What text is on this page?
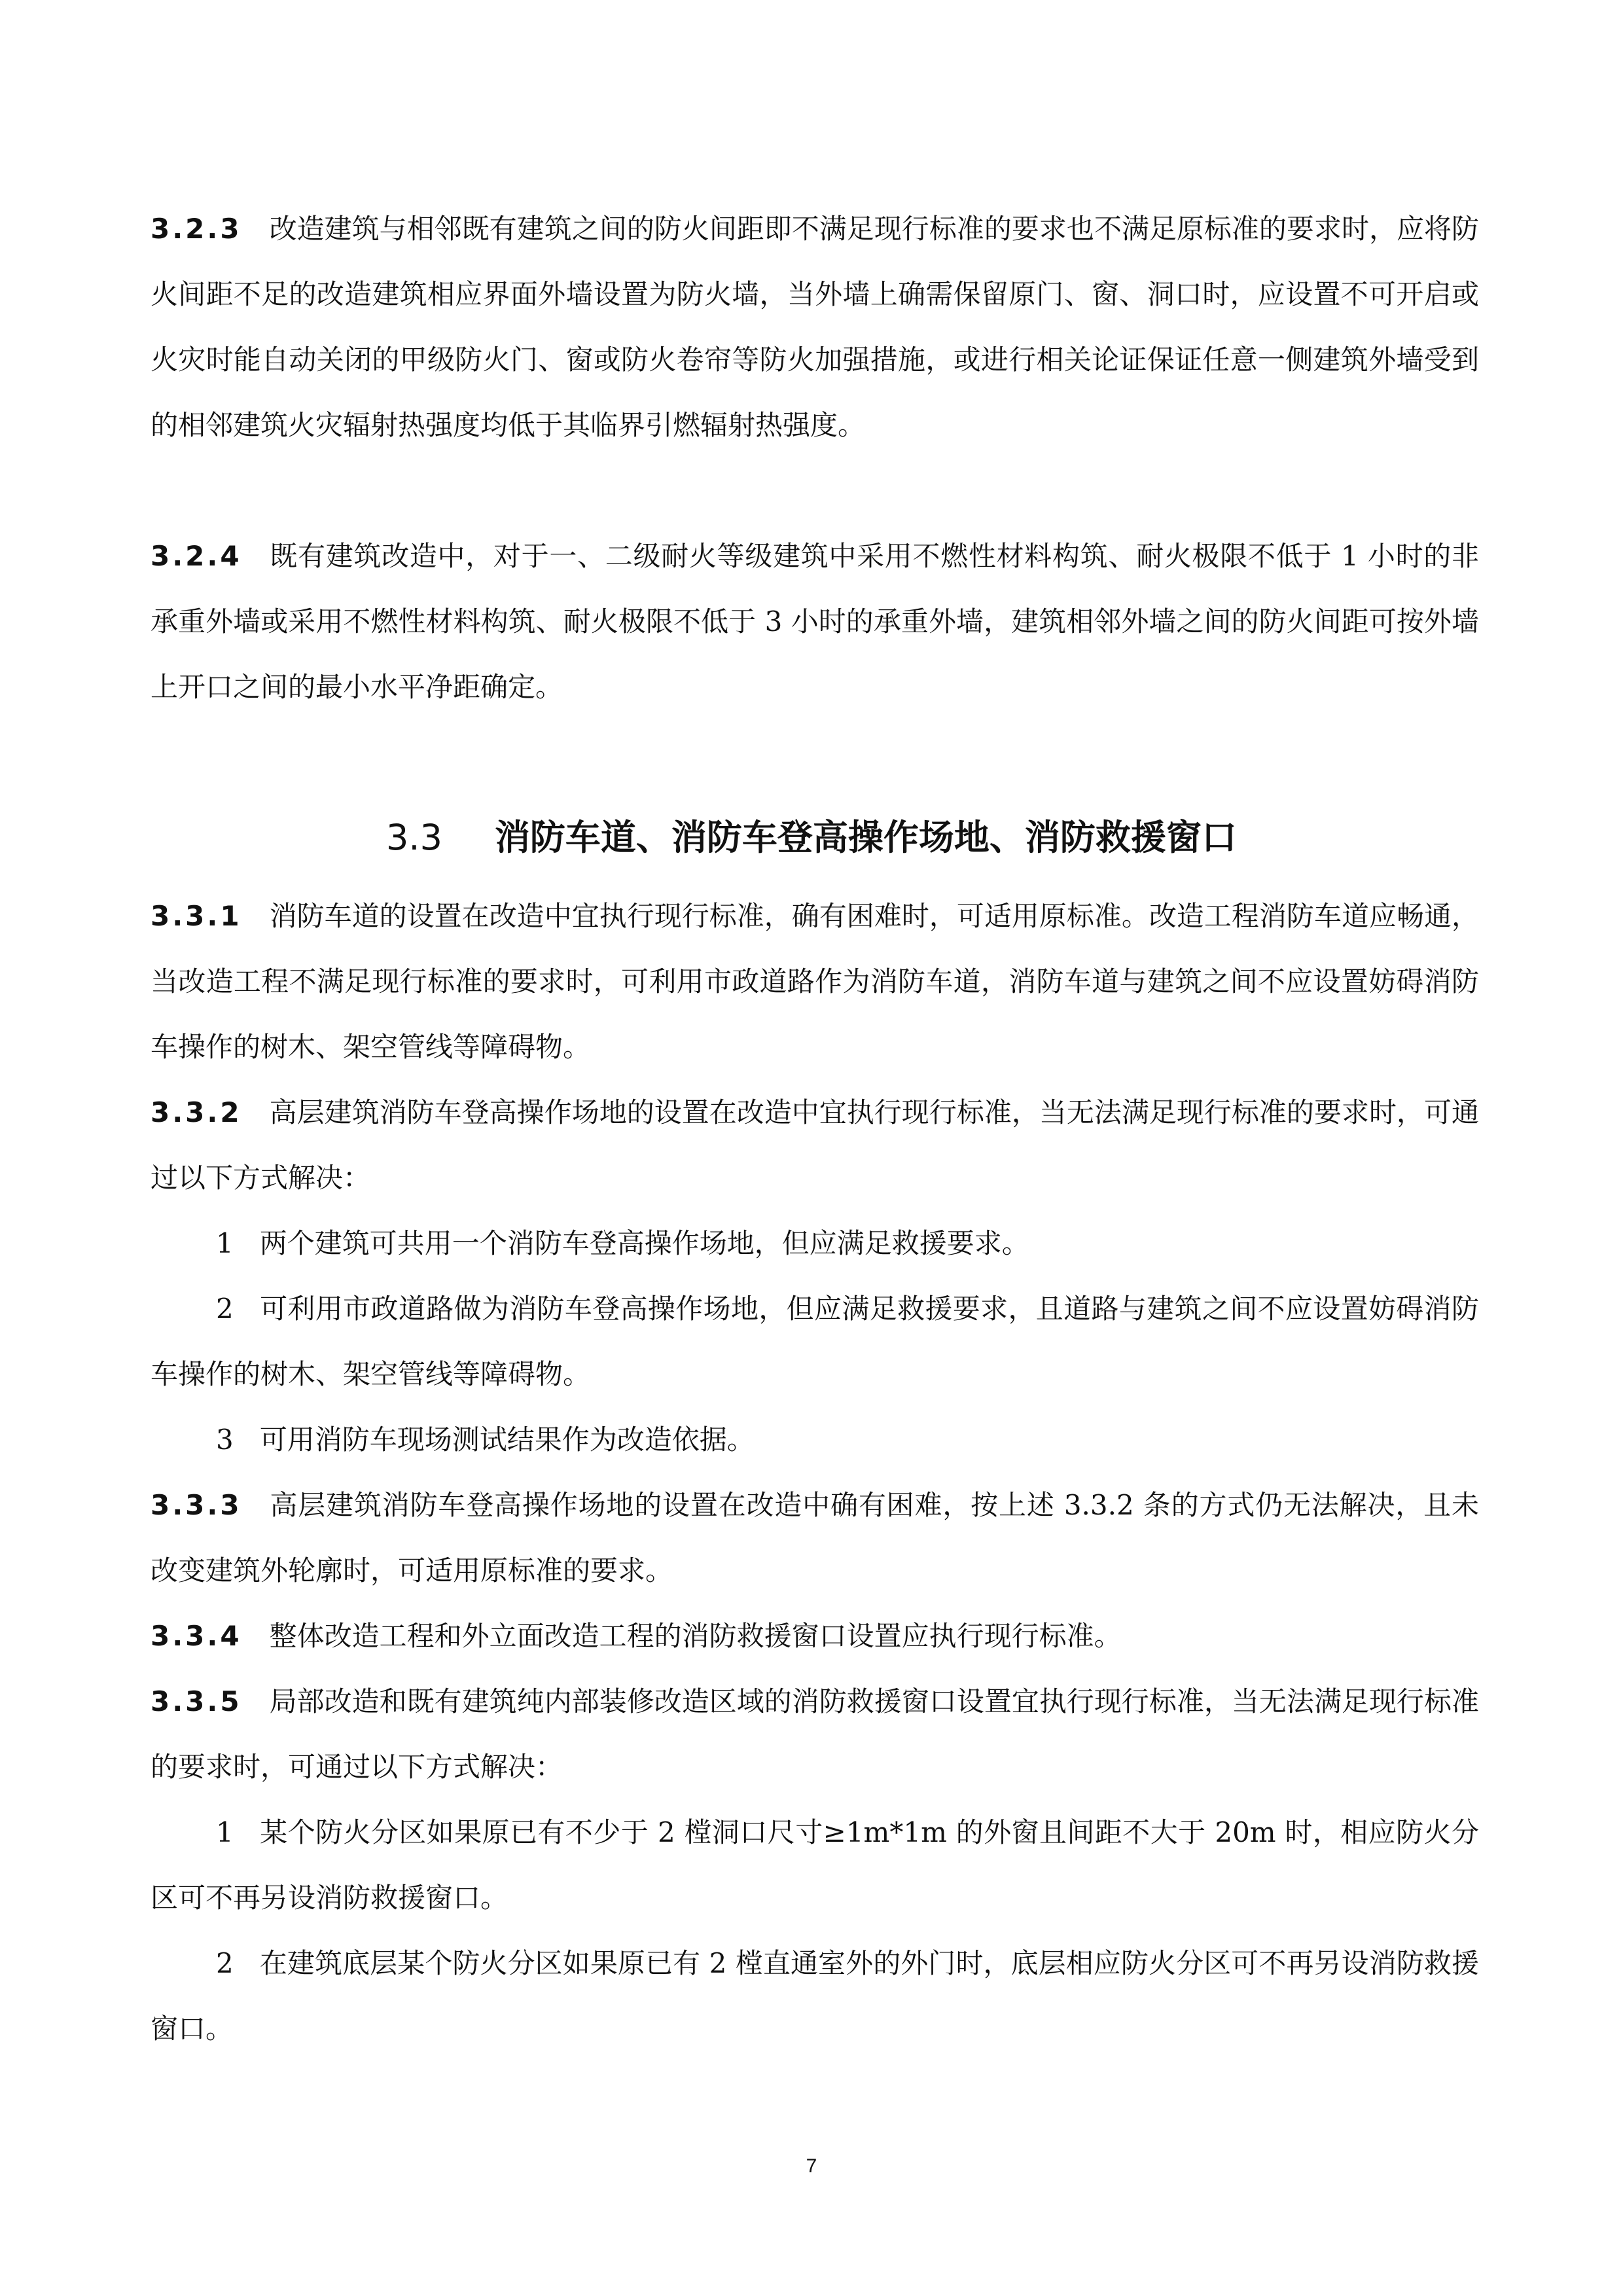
3.2.3 改造建筑与相邻既有建筑之间的防火间距即不满足现行标准的要求也不满足原标准的要求时，应将防火间距不足的改造建筑相应界面外墙设置为防火墙，当外墙上确需保留原门、窗、洞口时，应设置不可开启或火灾时能自动关闭的甲级防火门、窗或防火卷帘等防火加强措施，或进行相关论证保证任意一侧建筑外墙受到的相邻建筑火灾辐射热强度均低于其临界引燃辐射热强度。

3.2.4 既有建筑改造中，对于一、二级耐火等级建筑中采用不燃性材料构筑、耐火极限不低于 1 小时的非承重外墙或采用不燃性材料构筑、耐火极限不低于 3 小时的承重外墙，建筑相邻外墙之间的防火间距可按外墙上开口之间的最小水平净距确定。

3.3 消防车道、消防车登高操作场地、消防救援窗口

3.3.1 消防车道的设置在改造中宜执行现行标准，确有困难时，可适用原标准。改造工程消防车道应畅通，当改造工程不满足现行标准的要求时，可利用市政道路作为消防车道，消防车道与建筑之间不应设置妨碍消防车操作的树木、架空管线等障碍物。

3.3.2 高层建筑消防车登高操作场地的设置在改造中宜执行现行标准，当无法满足现行标准的要求时，可通过以下方式解决：

1 两个建筑可共用一个消防车登高操作场地，但应满足救援要求。

2 可利用市政道路做为消防车登高操作场地，但应满足救援要求，且道路与建筑之间不应设置妨碍消防车操作的树木、架空管线等障碍物。

3 可用消防车现场测试结果作为改造依据。

3.3.3 高层建筑消防车登高操作场地的设置在改造中确有困难，按上述 3.3.2 条的方式仍无法解决，且未改变建筑外轮廓时，可适用原标准的要求。

3.3.4 整体改造工程和外立面改造工程的消防救援窗口设置应执行现行标准。

3.3.5 局部改造和既有建筑纯内部装修改造区域的消防救援窗口设置宜执行现行标准，当无法满足现行标准的要求时，可通过以下方式解决：

1 某个防火分区如果原已有不少于 2 樘洞口尺寸≥1m*1m 的外窗且间距不大于 20m 时，相应防火分区可不再另设消防救援窗口。

2 在建筑底层某个防火分区如果原已有 2 樘直通室外的外门时，底层相应防火分区可不再另设消防救援窗口。

7
